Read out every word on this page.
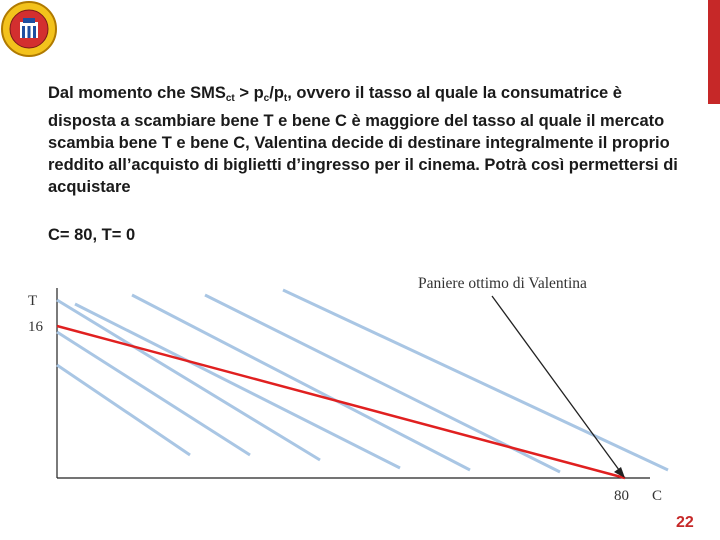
Dal momento che $SMS_{ct} > p_c/p_t$, ovvero il tasso al quale la consumatrice è disposta a scambiare bene T e bene C è maggiore del tasso al quale il mercato scambia bene T e bene C, Valentina decide di destinare integralmente il proprio reddito all’acquisto di biglietti d’ingresso per il cinema. Potrà così permettersi di acquistare

C= 80, T= 0
T
16
80 C
Paniere ottimo di Valentina
22
